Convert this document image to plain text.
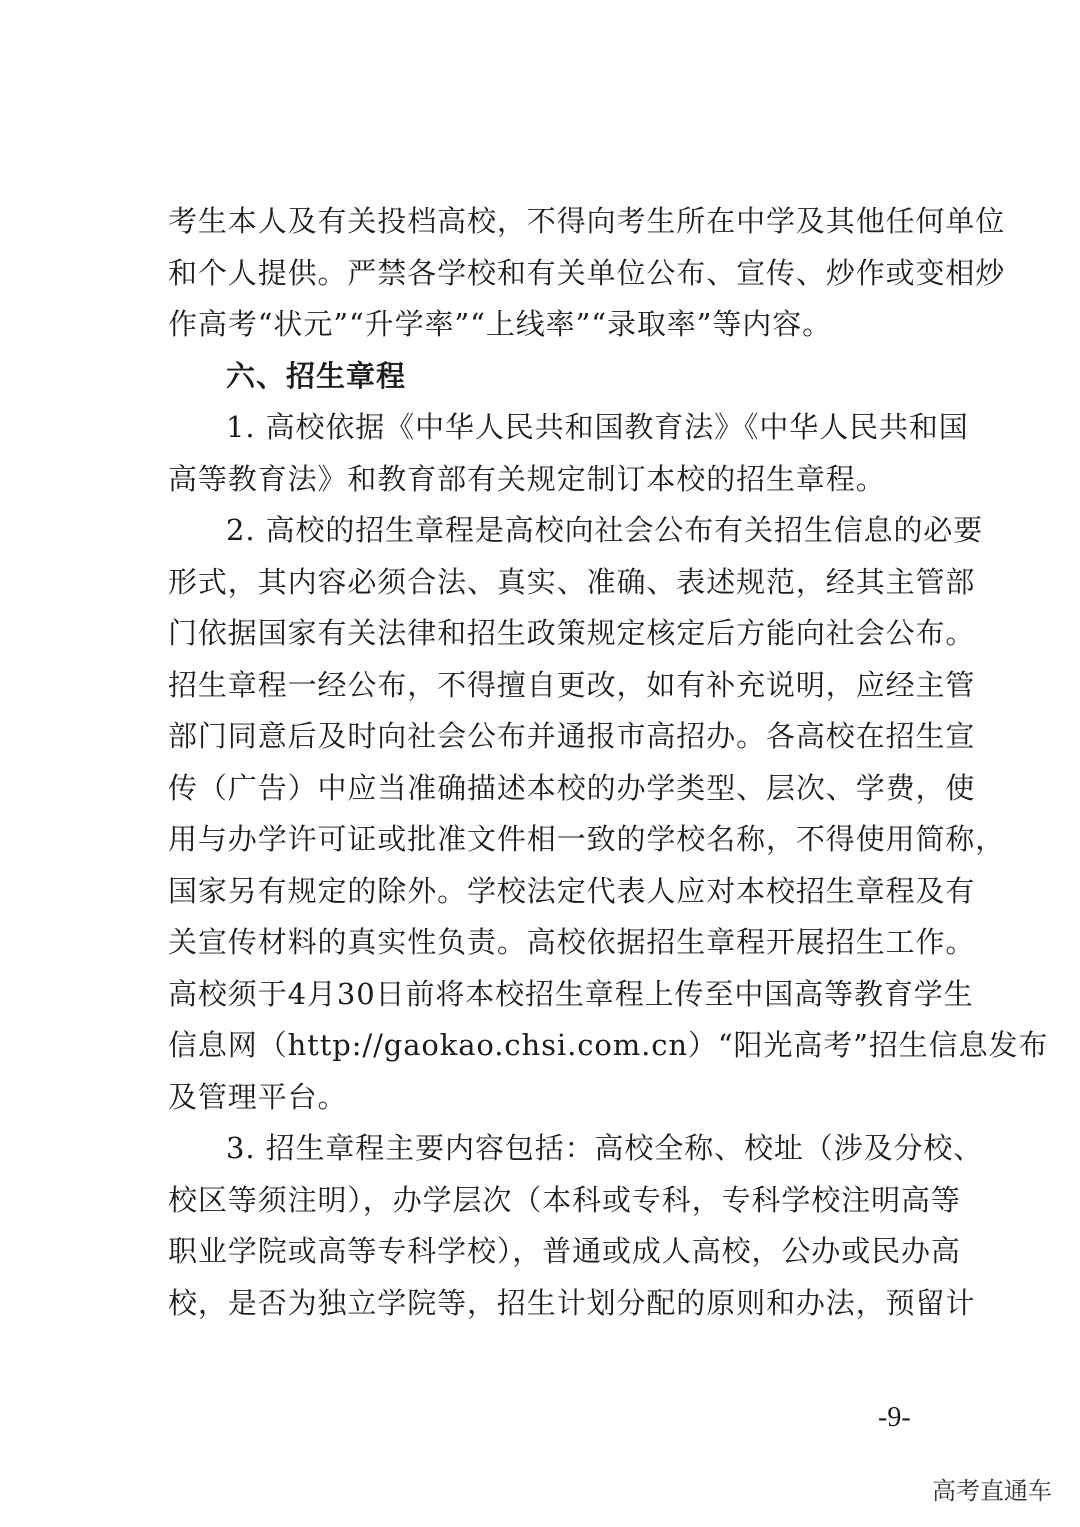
考生本人及有关投档高校，不得向考生所在中学及其他任何单位
和个人提供。严禁各学校和有关单位公布、宣传、炒作或变相炒
作高考“状元”“升学率”“上线率”“录取率”等内容。
六、招生章程
1. 高校依据《中华人民共和国教育法》《中华人民共和国
高等教育法》和教育部有关规定制订本校的招生章程。
2. 高校的招生章程是高校向社会公布有关招生信息的必要
形式，其内容必须合法、真实、准确、表述规范，经其主管部
门依据国家有关法律和招生政策规定核定后方能向社会公布。
招生章程一经公布，不得擅自更改，如有补充说明，应经主管
部门同意后及时向社会公布并通报市高招办。各高校在招生宣
传（广告）中应当准确描述本校的办学类型、层次、学费，使
用与办学许可证或批准文件相一致的学校名称，不得使用简称，
国家另有规定的除外。学校法定代表人应对本校招生章程及有
关宣传材料的真实性负责。高校依据招生章程开展招生工作。
高校须于4月30日前将本校招生章程上传至中国高等教育学生
信息网（http://gaokao.chsi.com.cn）“阳光高考”招生信息发布
及管理平台。
3. 招生章程主要内容包括：高校全称、校址（涉及分校、
校区等须注明），办学层次（本科或专科，专科学校注明高等
职业学院或高等专科学校），普通或成人高校，公办或民办高
校，是否为独立学院等，招生计划分配的原则和办法，预留计
-9-
高考直通车
